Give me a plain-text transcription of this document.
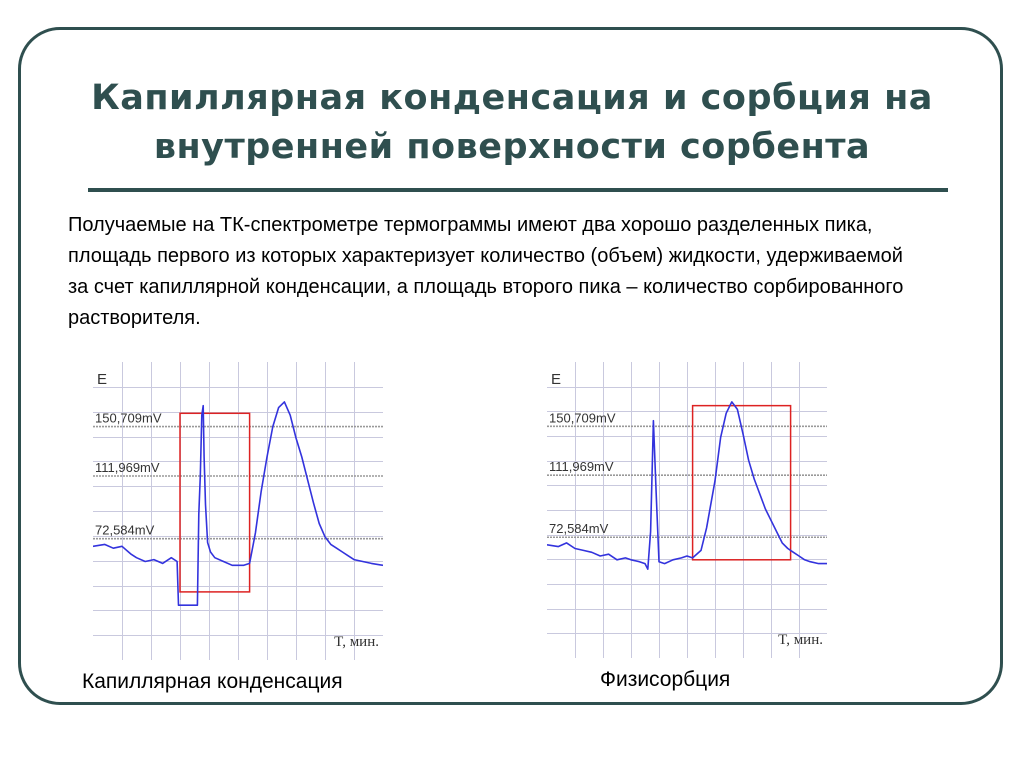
Капиллярная конденсация и сорбция на
внутренней поверхности сорбента

Получаемые на ТК-спектрометре термограммы имеют два хорошо разделенных пика, площадь первого из которых характеризует количество (объем) жидкости, удерживаемой за счет капиллярной конденсации, а площадь второго пика – количество сорбированного растворителя.

150,709mV
111,969mV
72,584mV
E
T, мин.
150,709mV
111,969mV
72,584mV
E
T, мин.
Капиллярная конденсация	Физисорбция
